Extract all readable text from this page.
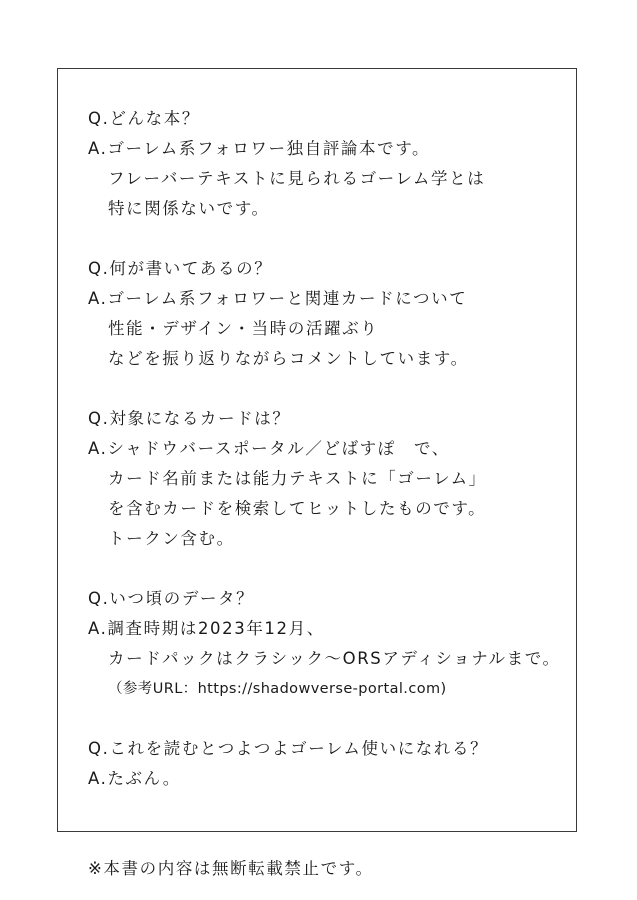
Q.どんな本？
A.ゴーレム系フォロワー独自評論本です。
フレーバーテキストに見られるゴーレム学とは
特に関係ないです。
Q.何が書いてあるの？
A.ゴーレム系フォロワーと関連カードについて
性能・デザイン・当時の活躍ぶり
などを振り返りながらコメントしています。
Q.対象になるカードは？
A.シャドウバースポータル／どばすぽ　で、
カード名前または能力テキストに「ゴーレム」
を含むカードを検索してヒットしたものです。
トークン含む。
Q.いつ頃のデータ？
A.調査時期は2023年12月、
カードパックはクラシック〜ORSアディショナルまで。
（参考URL：https://shadowverse-portal.com)
Q.これを読むとつよつよゴーレム使いになれる？
A.たぶん。
※本書の内容は無断転載禁止です。
